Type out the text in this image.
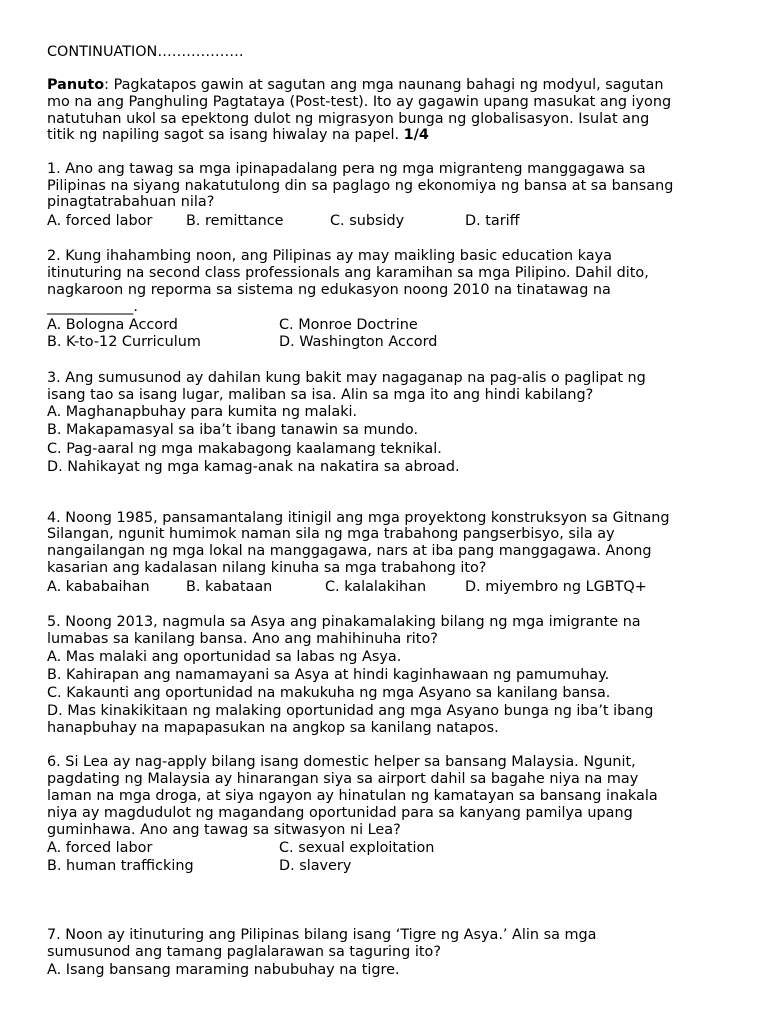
CONTINUATION………………
Panuto: Pagkatapos gawin at sagutan ang mga naunang bahagi ng modyul, sagutan
mo na ang Panghuling Pagtataya (Post-test). Ito ay gagawin upang masukat ang iyong
natutuhan ukol sa epektong dulot ng migrasyon bunga ng globalisasyon. Isulat ang
titik ng napiling sagot sa isang hiwalay na papel. 1/4
1. Ano ang tawag sa mga ipinapadalang pera ng mga migranteng manggagawa sa
Pilipinas na siyang nakatutulong din sa paglago ng ekonomiya ng bansa at sa bansang
pinagtatrabahuan nila?
A. forced labor B. remittance	C. subsidy	D. tariff
2. Kung ihahambing noon, ang Pilipinas ay may maikling basic education kaya
itinuturing na second class professionals ang karamihan sa mga Pilipino. Dahil dito,
nagkaroon ng reporma sa sistema ng edukasyon noong 2010 na tinatawag na
____________.
A. Bologna Accord	C. Monroe Doctrine
B. K-to-12 Curriculum	D. Washington Accord
3. Ang sumusunod ay dahilan kung bakit may nagaganap na pag-alis o paglipat ng
isang tao sa isang lugar, maliban sa isa. Alin sa mga ito ang hindi kabilang?
A. Maghanapbuhay para kumita ng malaki.
B. Makapamasyal sa iba’t ibang tanawin sa mundo.
C. Pag-aaral ng mga makabagong kaalamang teknikal.
D. Nahikayat ng mga kamag-anak na nakatira sa abroad.
4. Noong 1985, pansamantalang itinigil ang mga proyektong konstruksyon sa Gitnang
Silangan, ngunit humimok naman sila ng mga trabahong pangserbisyo, sila ay
nangailangan ng mga lokal na manggagawa, nars at iba pang manggagawa. Anong
kasarian ang kadalasan nilang kinuha sa mga trabahong ito?
A. kababaihan	B. kabataan	C. kalalakihan	D. miyembro ng LGBTQ+
5. Noong 2013, nagmula sa Asya ang pinakamalaking bilang ng mga imigrante na
lumabas sa kanilang bansa. Ano ang mahihinuha rito?
A. Mas malaki ang oportunidad sa labas ng Asya.
B. Kahirapan ang namamayani sa Asya at hindi kaginhawaan ng pamumuhay.
C. Kakaunti ang oportunidad na makukuha ng mga Asyano sa kanilang bansa.
D. Mas kinakikitaan ng malaking oportunidad ang mga Asyano bunga ng iba’t ibang
hanapbuhay na mapapasukan na angkop sa kanilang natapos.
6. Si Lea ay nag-apply bilang isang domestic helper sa bansang Malaysia. Ngunit,
pagdating ng Malaysia ay hinarangan siya sa airport dahil sa bagahe niya na may
laman na mga droga, at siya ngayon ay hinatulan ng kamatayan sa bansang inakala
niya ay magdudulot ng magandang oportunidad para sa kanyang pamilya upang
guminhawa. Ano ang tawag sa sitwasyon ni Lea?
A. forced labor	C. sexual exploitation
B. human trafficking	D. slavery
7. Noon ay itinuturing ang Pilipinas bilang isang ‘Tigre ng Asya.’ Alin sa mga
sumusunod ang tamang paglalarawan sa taguring ito?
A. Isang bansang maraming nabubuhay na tigre.
